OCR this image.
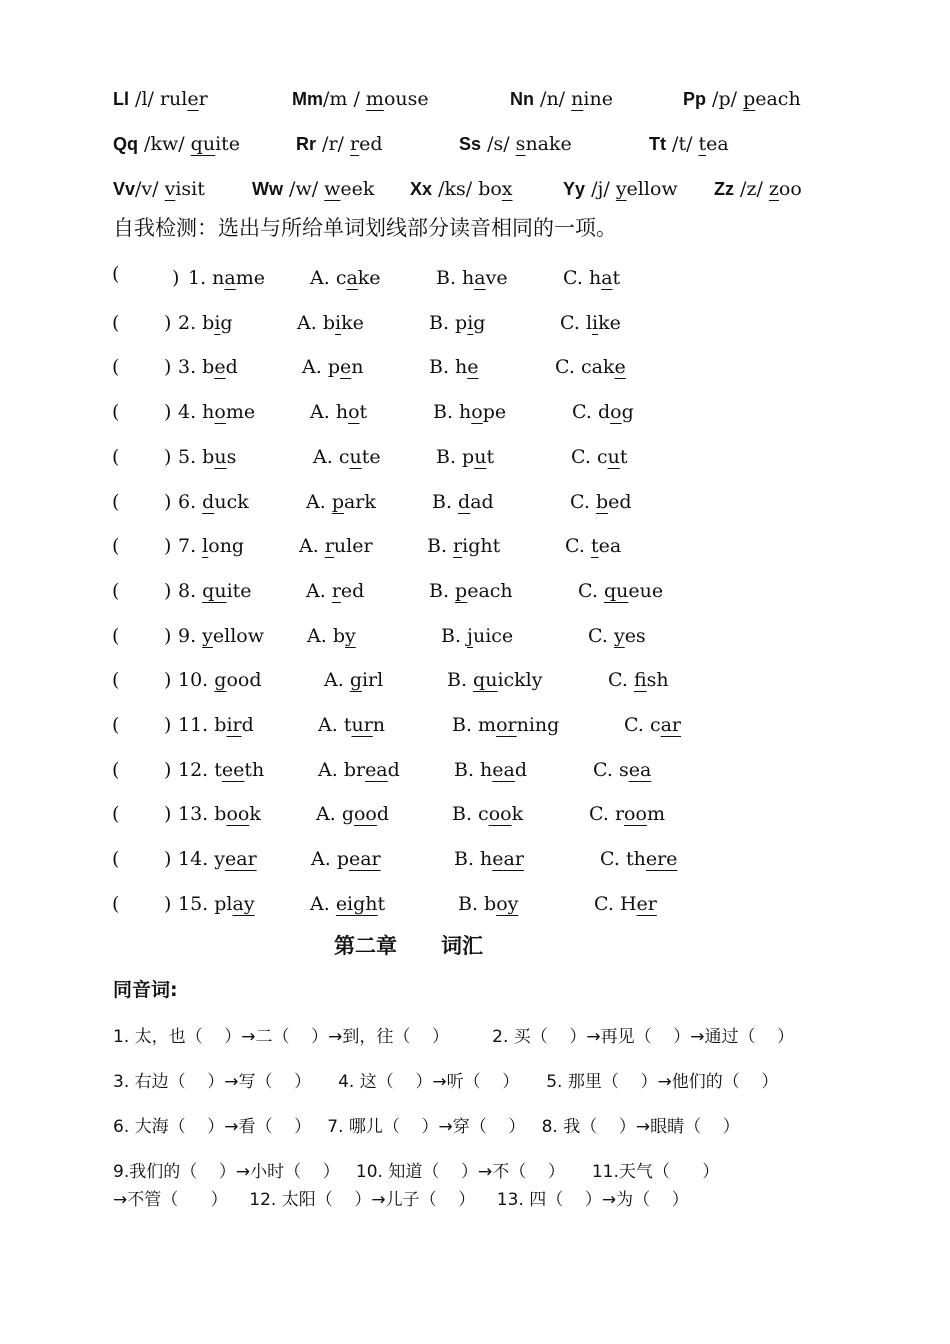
Ll /l/ ruler	Mm/m / mouse	Nn /n/ nine	Pp /p/ peach
Qq /kw/ quite	Rr /r/ red	Ss /s/ snake	Tt /t/ tea
Vv/v/ visit	Ww /w/ week Xx /ks/ box	Yy /j/ yellow Zz /z/ zoo
自我检测：选出与所给单词划线部分读音相同的一项。
(	) 1. name A. cake	B. have	C. hat
( ) 2. big	A. bike	B. pig	C. like
( ) 3. bed	A. pen	B. he	C. cake
( ) 4. home	A. hot	B. hope	C. dog
( ) 5. bus	A. cute	B. put	C. cut
( ) 6. duck	A. park	B. dad	C. bed
( ) 7. long	A. ruler	B. right	C. tea
( ) 8. quite	A. red	B. peach	C. queue
( ) 9. yellow A. by	B. juice	C. yes
( ) 10. good	A. girl	B. quickly	C. fish
( ) 11. bird	A. turn	B. morning	C. car
( ) 12. teeth	A. bread	B. head	C. sea
( ) 13. book	A. good	B. cook	C. room
( ) 14. year	A. pear	B. hear	C. there
( ) 15. play	A. eight	B. boy	C. Her
第二章 词汇
同音词:
1. 太，也（    ）→二（    ）→到，往（    ）        2. 买（    ）→再见（    ）→通过（    ）
3. 右边（    ）→写（    ）     4. 这（    ）→听（    ）     5. 那里（    ）→他们的（    ）
6. 大海（    ）→看（    ）   7. 哪儿（    ）→穿（    ）   8. 我（    ）→眼睛（    ）
9.我们的（    ）→小时（    ）   10. 知道（    ）→不（    ）     11.天气（      ）
→不管（      ）    12. 太阳（    ）→儿子（    ）    13. 四（    ）→为（    ）
